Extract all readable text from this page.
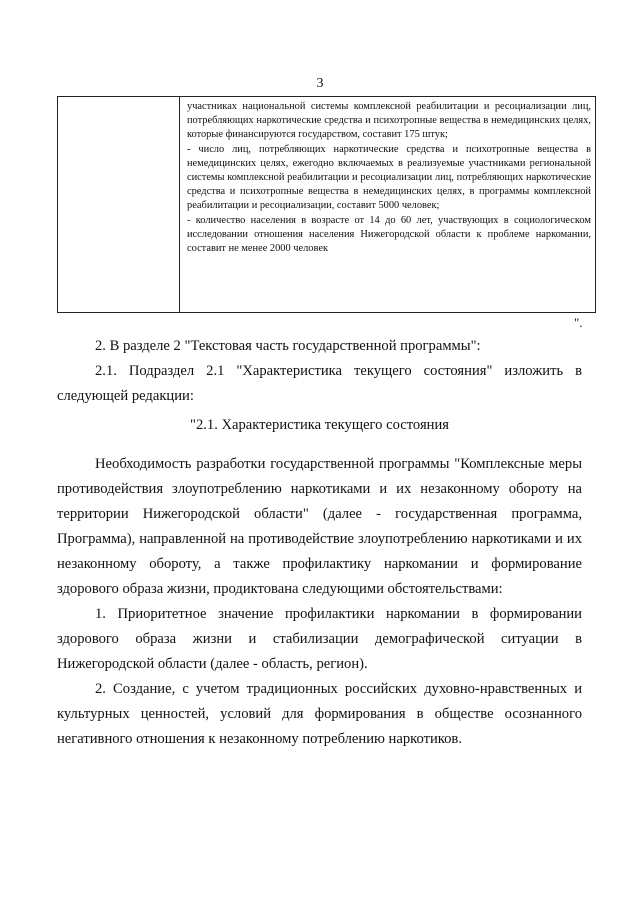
3

участниках национальной системы комплексной реабилитации и ресоциализации лиц, потребляющих наркотические средства и психотропные вещества в немедицинских целях, которые финансируются государством, составит 175 штук;

- число лиц, потребляющих наркотические средства и психотропные вещества в немедицинских целях, ежегодно включаемых в реализуемые участниками региональной системы комплексной реабилитации и ресоциализации лиц, потребляющих наркотические средства и психотропные вещества в немедицинских целях, в программы комплексной реабилитации и ресоциализации, составит 5000 человек;

- количество населения в возрасте от 14 до 60 лет, участвующих в социологическом исследовании отношения населения Нижегородской области к проблеме наркомании, составит не менее 2000 человек

".

2. В разделе 2 "Текстовая часть государственной программы":

2.1. Подраздел 2.1 "Характеристика текущего состояния" изложить в следующей редакции:

"2.1. Характеристика текущего состояния

Необходимость разработки государственной программы "Комплексные меры противодействия злоупотреблению наркотиками и их незаконному обороту на территории Нижегородской области" (далее - государственная программа, Программа), направленной на противодействие злоупотреблению наркотиками и их незаконному обороту, а также профилактику наркомании и формирование здорового образа жизни, продиктована следующими обстоятельствами:

1. Приоритетное значение профилактики наркомании в формировании здорового образа жизни и стабилизации демографической ситуации в Нижегородской области (далее - область, регион).

2. Создание, с учетом традиционных российских духовно-нравственных и культурных ценностей, условий для формирования в обществе осознанного негативного отношения к незаконному потреблению наркотиков.
